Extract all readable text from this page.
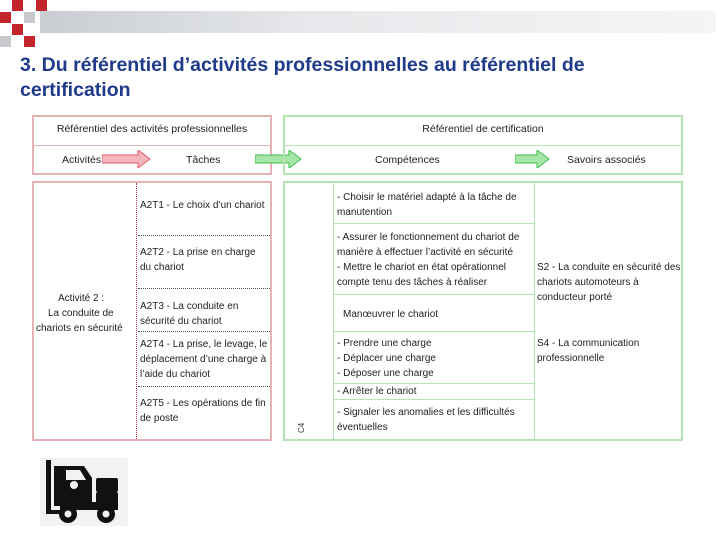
3. Du référentiel d’activités professionnelles au référentiel de
certification
Référentiel des activités professionnelles
Activités	Tâches
Activité 2 :
La conduite de
chariots en sécurité
A2T1 - Le choix d’un chariot
A2T2 - La prise en charge
du chariot
A2T3 - La conduite en
sécurité du chariot
A2T4 - La prise, le levage, le
déplacement d’une charge à
l’aide du chariot
A2T5 - Les opérations de fin
de poste
Référentiel de certification
Compétences	Savoirs associés
C4
- Choisir le matériel adapté à la tâche de
manutention
- Assurer le fonctionnement du chariot de
manière à effectuer l’activité en sécurité
- Mettre le chariot en état opérationnel
compte tenu des tâches à réaliser
Manœuvrer le chariot
- Prendre une charge
- Déplacer une charge
- Déposer une charge
- Arrêter le chariot
- Signaler les anomalies et les difficultés
éventuelles
S2 - La conduite en sécurité des
chariots automoteurs à
conducteur porté
S4 - La communication
professionnelle
